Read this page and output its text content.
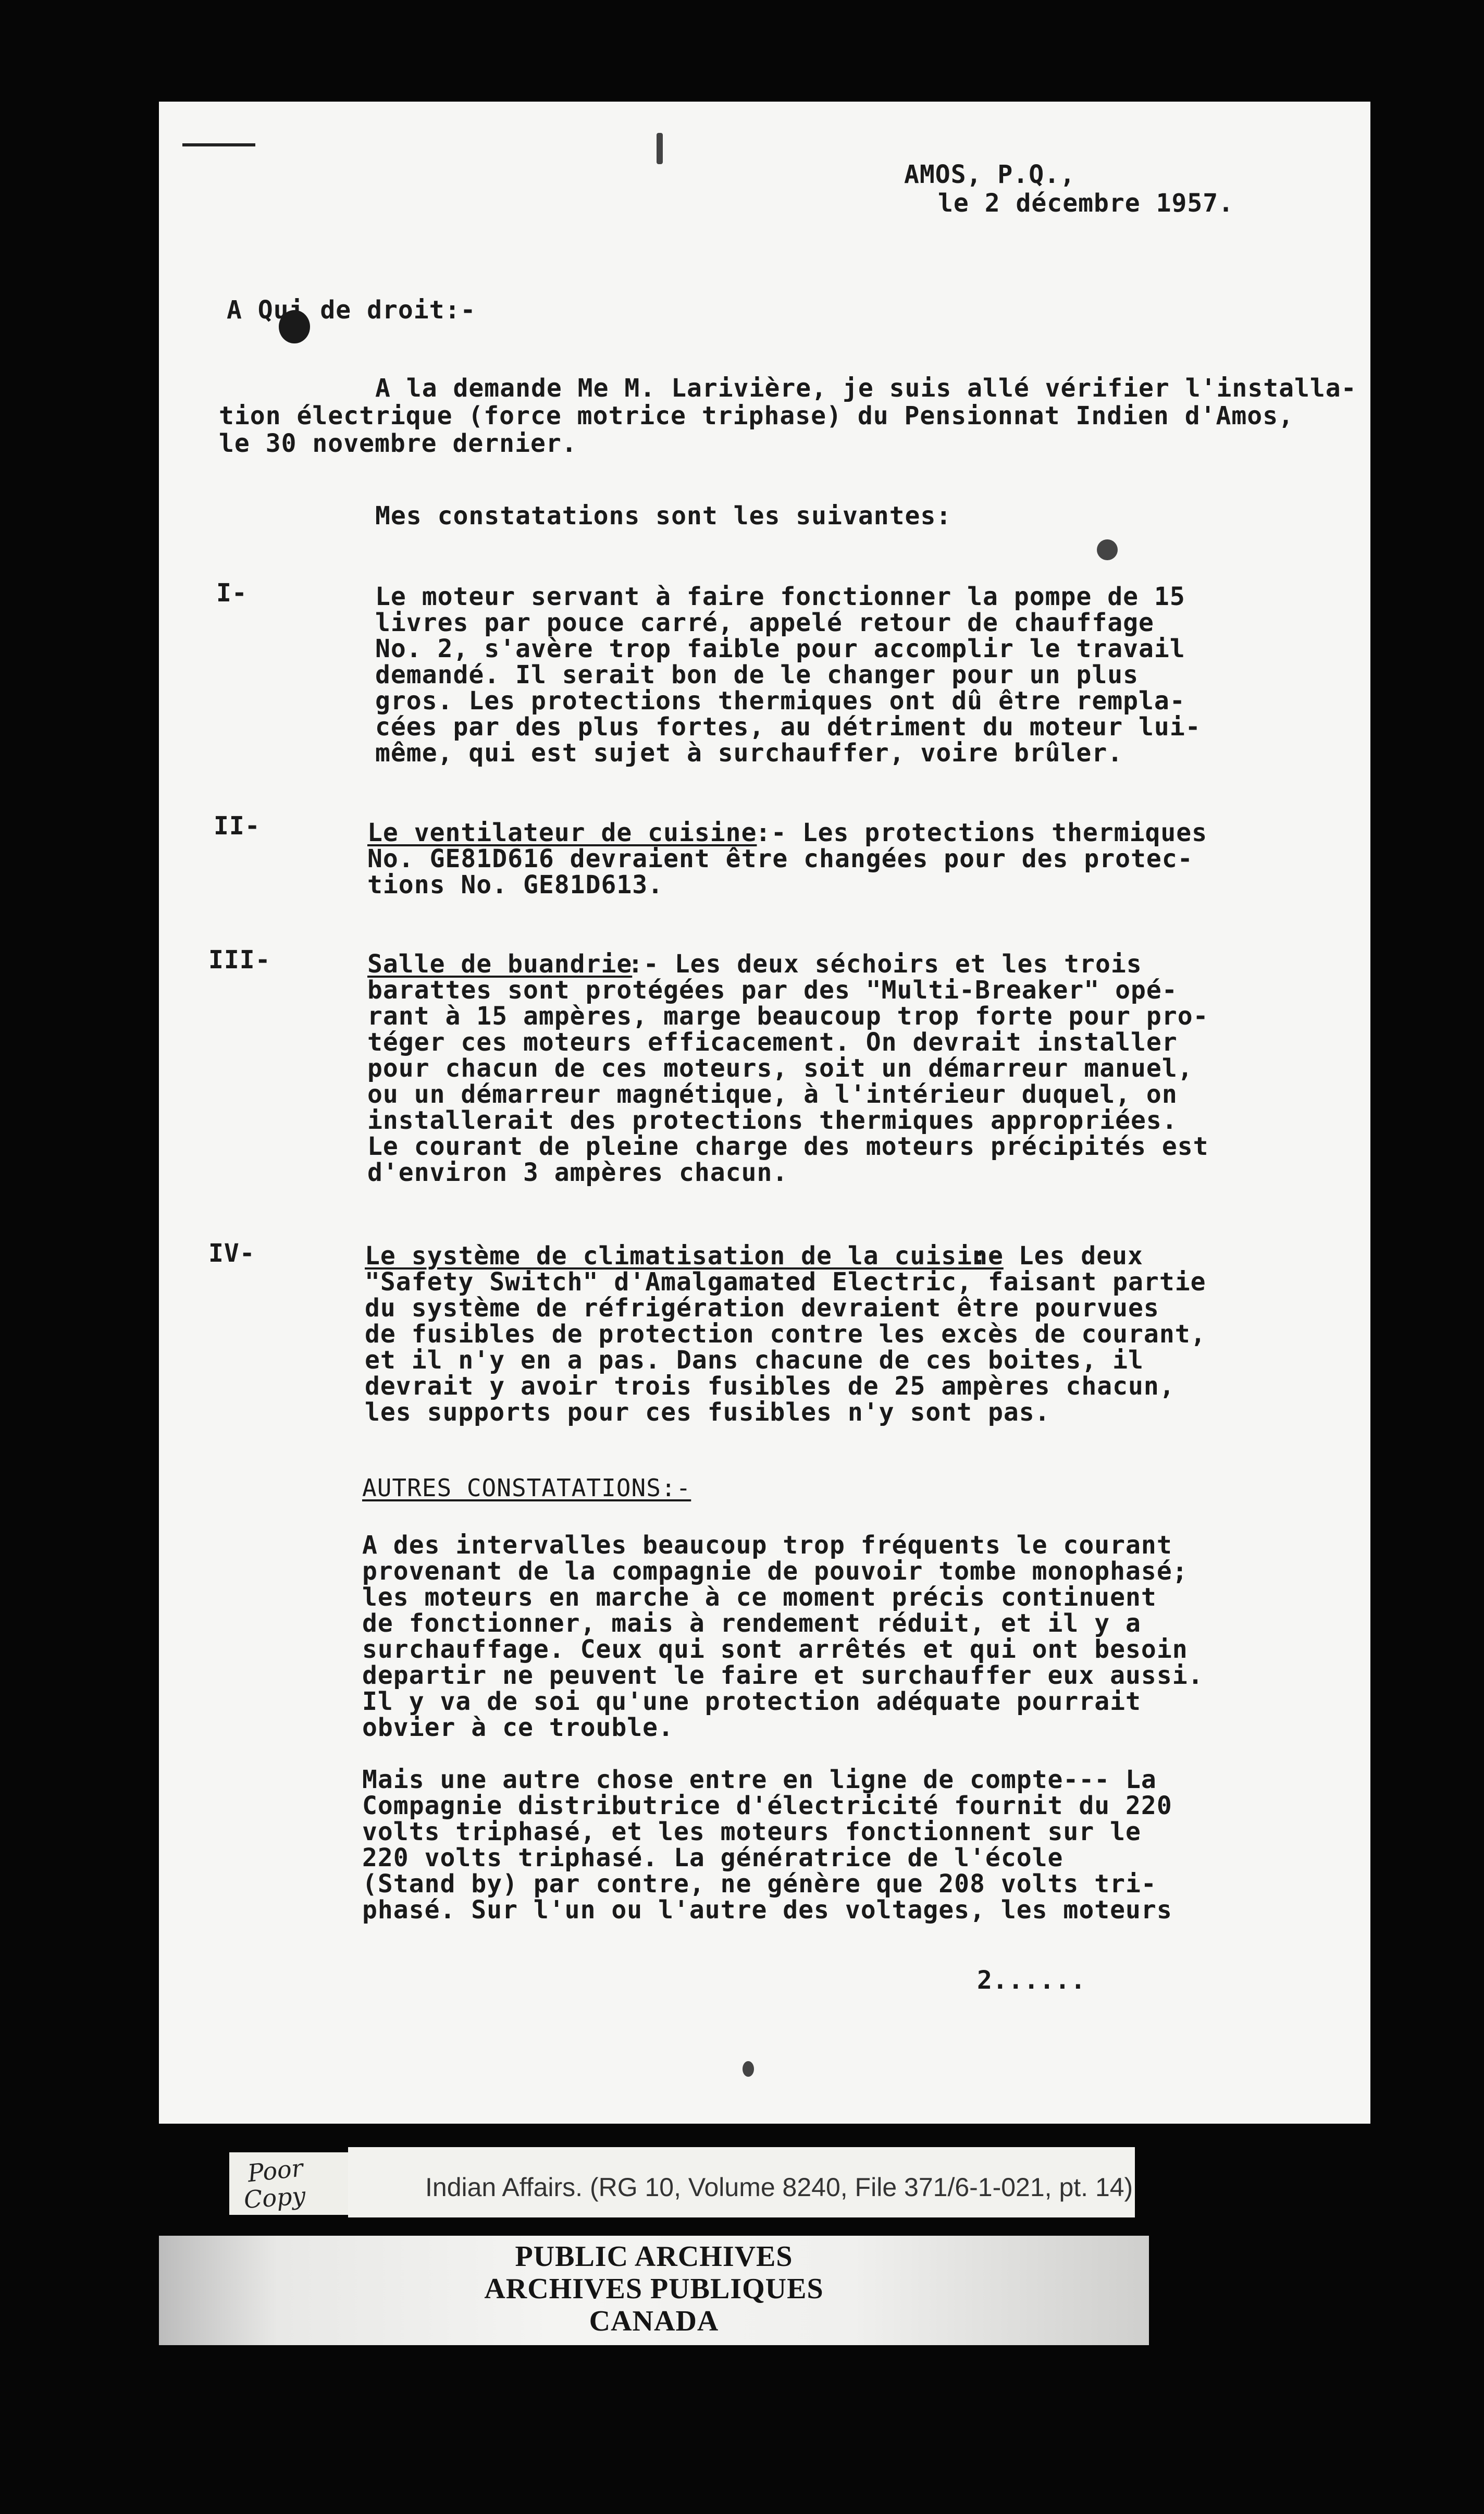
AMOS, P.Q.,
le 2 décembre 1957.
A Qui de droit:-
A la demande Me M. Larivière, je suis allé vérifier l'installa-
tion électrique (force motrice triphase) du Pensionnat Indien d'Amos,
le 30 novembre dernier.
Mes constatations sont les suivantes:
I-	Le moteur servant à faire fonctionner la pompe de 15
livres par pouce carré, appelé retour de chauffage
No. 2, s'avère trop faible pour accomplir le travail
demandé. Il serait bon de le changer pour un plus
gros. Les protections thermiques ont dû être rempla-
cées par des plus fortes, au détriment du moteur lui-
même, qui est sujet à surchauffer, voire brûler.
II-	Le ventilateur de cuisine
:- Les protections thermiques
No. GE81D616 devraient être changées pour des protec-
tions No. GE81D613.
III-	Salle de buandrie
:- Les deux séchoirs et les trois
barattes sont protégées par des "Multi-Breaker" opé-
rant à 15 ampères, marge beaucoup trop forte pour pro-
téger ces moteurs efficacement. On devrait installer
pour chacun de ces moteurs, soit un démarreur manuel,
ou un démarreur magnétique, à l'intérieur duquel, on
installerait des protections thermiques appropriées.
Le courant de pleine charge des moteurs précipités est
d'environ 3 ampères chacun.
IV-	Le système de climatisation de la cuisine
:- Les deux
"Safety Switch" d'Amalgamated Electric, faisant partie
du système de réfrigération devraient être pourvues
de fusibles de protection contre les excès de courant,
et il n'y en a pas. Dans chacune de ces boites, il
devrait y avoir trois fusibles de 25 ampères chacun,
les supports pour ces fusibles n'y sont pas.
AUTRES CONSTATATIONS:-
A des intervalles beaucoup trop fréquents le courant
provenant de la compagnie de pouvoir tombe monophasé;
les moteurs en marche à ce moment précis continuent
de fonctionner, mais à rendement réduit, et il y a
surchauffage. Ceux qui sont arrêtés et qui ont besoin
departir ne peuvent le faire et surchauffer eux aussi.
Il y va de soi qu'une protection adéquate pourrait
obvier à ce trouble.
Mais une autre chose entre en ligne de compte--- La
Compagnie distributrice d'électricité fournit du 220
volts triphasé, et les moteurs fonctionnent sur le
220 volts triphasé. La génératrice de l'école
(Stand by) par contre, ne génère que 208 volts tri-
phasé. Sur l'un ou l'autre des voltages, les moteurs
2......
Poor
Copy	Indian Affairs. (RG 10, Volume 8240, File 371/6-1-021, pt. 14)
PUBLIC ARCHIVES
ARCHIVES PUBLIQUES
CANADA
